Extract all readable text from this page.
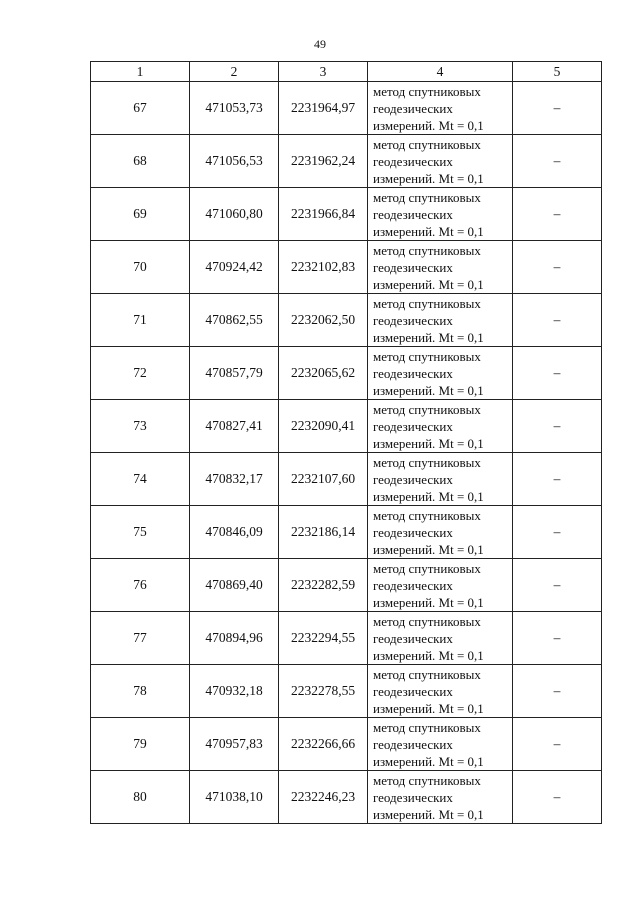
49
1	2	3	4	5
67	471053,73	2231964,97	метод спутниковых
геодезических
измерений. Mt = 0,1	–
68	471056,53	2231962,24	метод спутниковых
геодезических
измерений. Mt = 0,1	–
69	471060,80	2231966,84	метод спутниковых
геодезических
измерений. Mt = 0,1	–
70	470924,42	2232102,83	метод спутниковых
геодезических
измерений. Mt = 0,1	–
71	470862,55	2232062,50	метод спутниковых
геодезических
измерений. Mt = 0,1	–
72	470857,79	2232065,62	метод спутниковых
геодезических
измерений. Mt = 0,1	–
73	470827,41	2232090,41	метод спутниковых
геодезических
измерений. Mt = 0,1	–
74	470832,17	2232107,60	метод спутниковых
геодезических
измерений. Mt = 0,1	–
75	470846,09	2232186,14	метод спутниковых
геодезических
измерений. Mt = 0,1	–
76	470869,40	2232282,59	метод спутниковых
геодезических
измерений. Mt = 0,1	–
77	470894,96	2232294,55	метод спутниковых
геодезических
измерений. Mt = 0,1	–
78	470932,18	2232278,55	метод спутниковых
геодезических
измерений. Mt = 0,1	–
79	470957,83	2232266,66	метод спутниковых
геодезических
измерений. Mt = 0,1	–
80	471038,10	2232246,23	метод спутниковых
геодезических
измерений. Mt = 0,1	–
